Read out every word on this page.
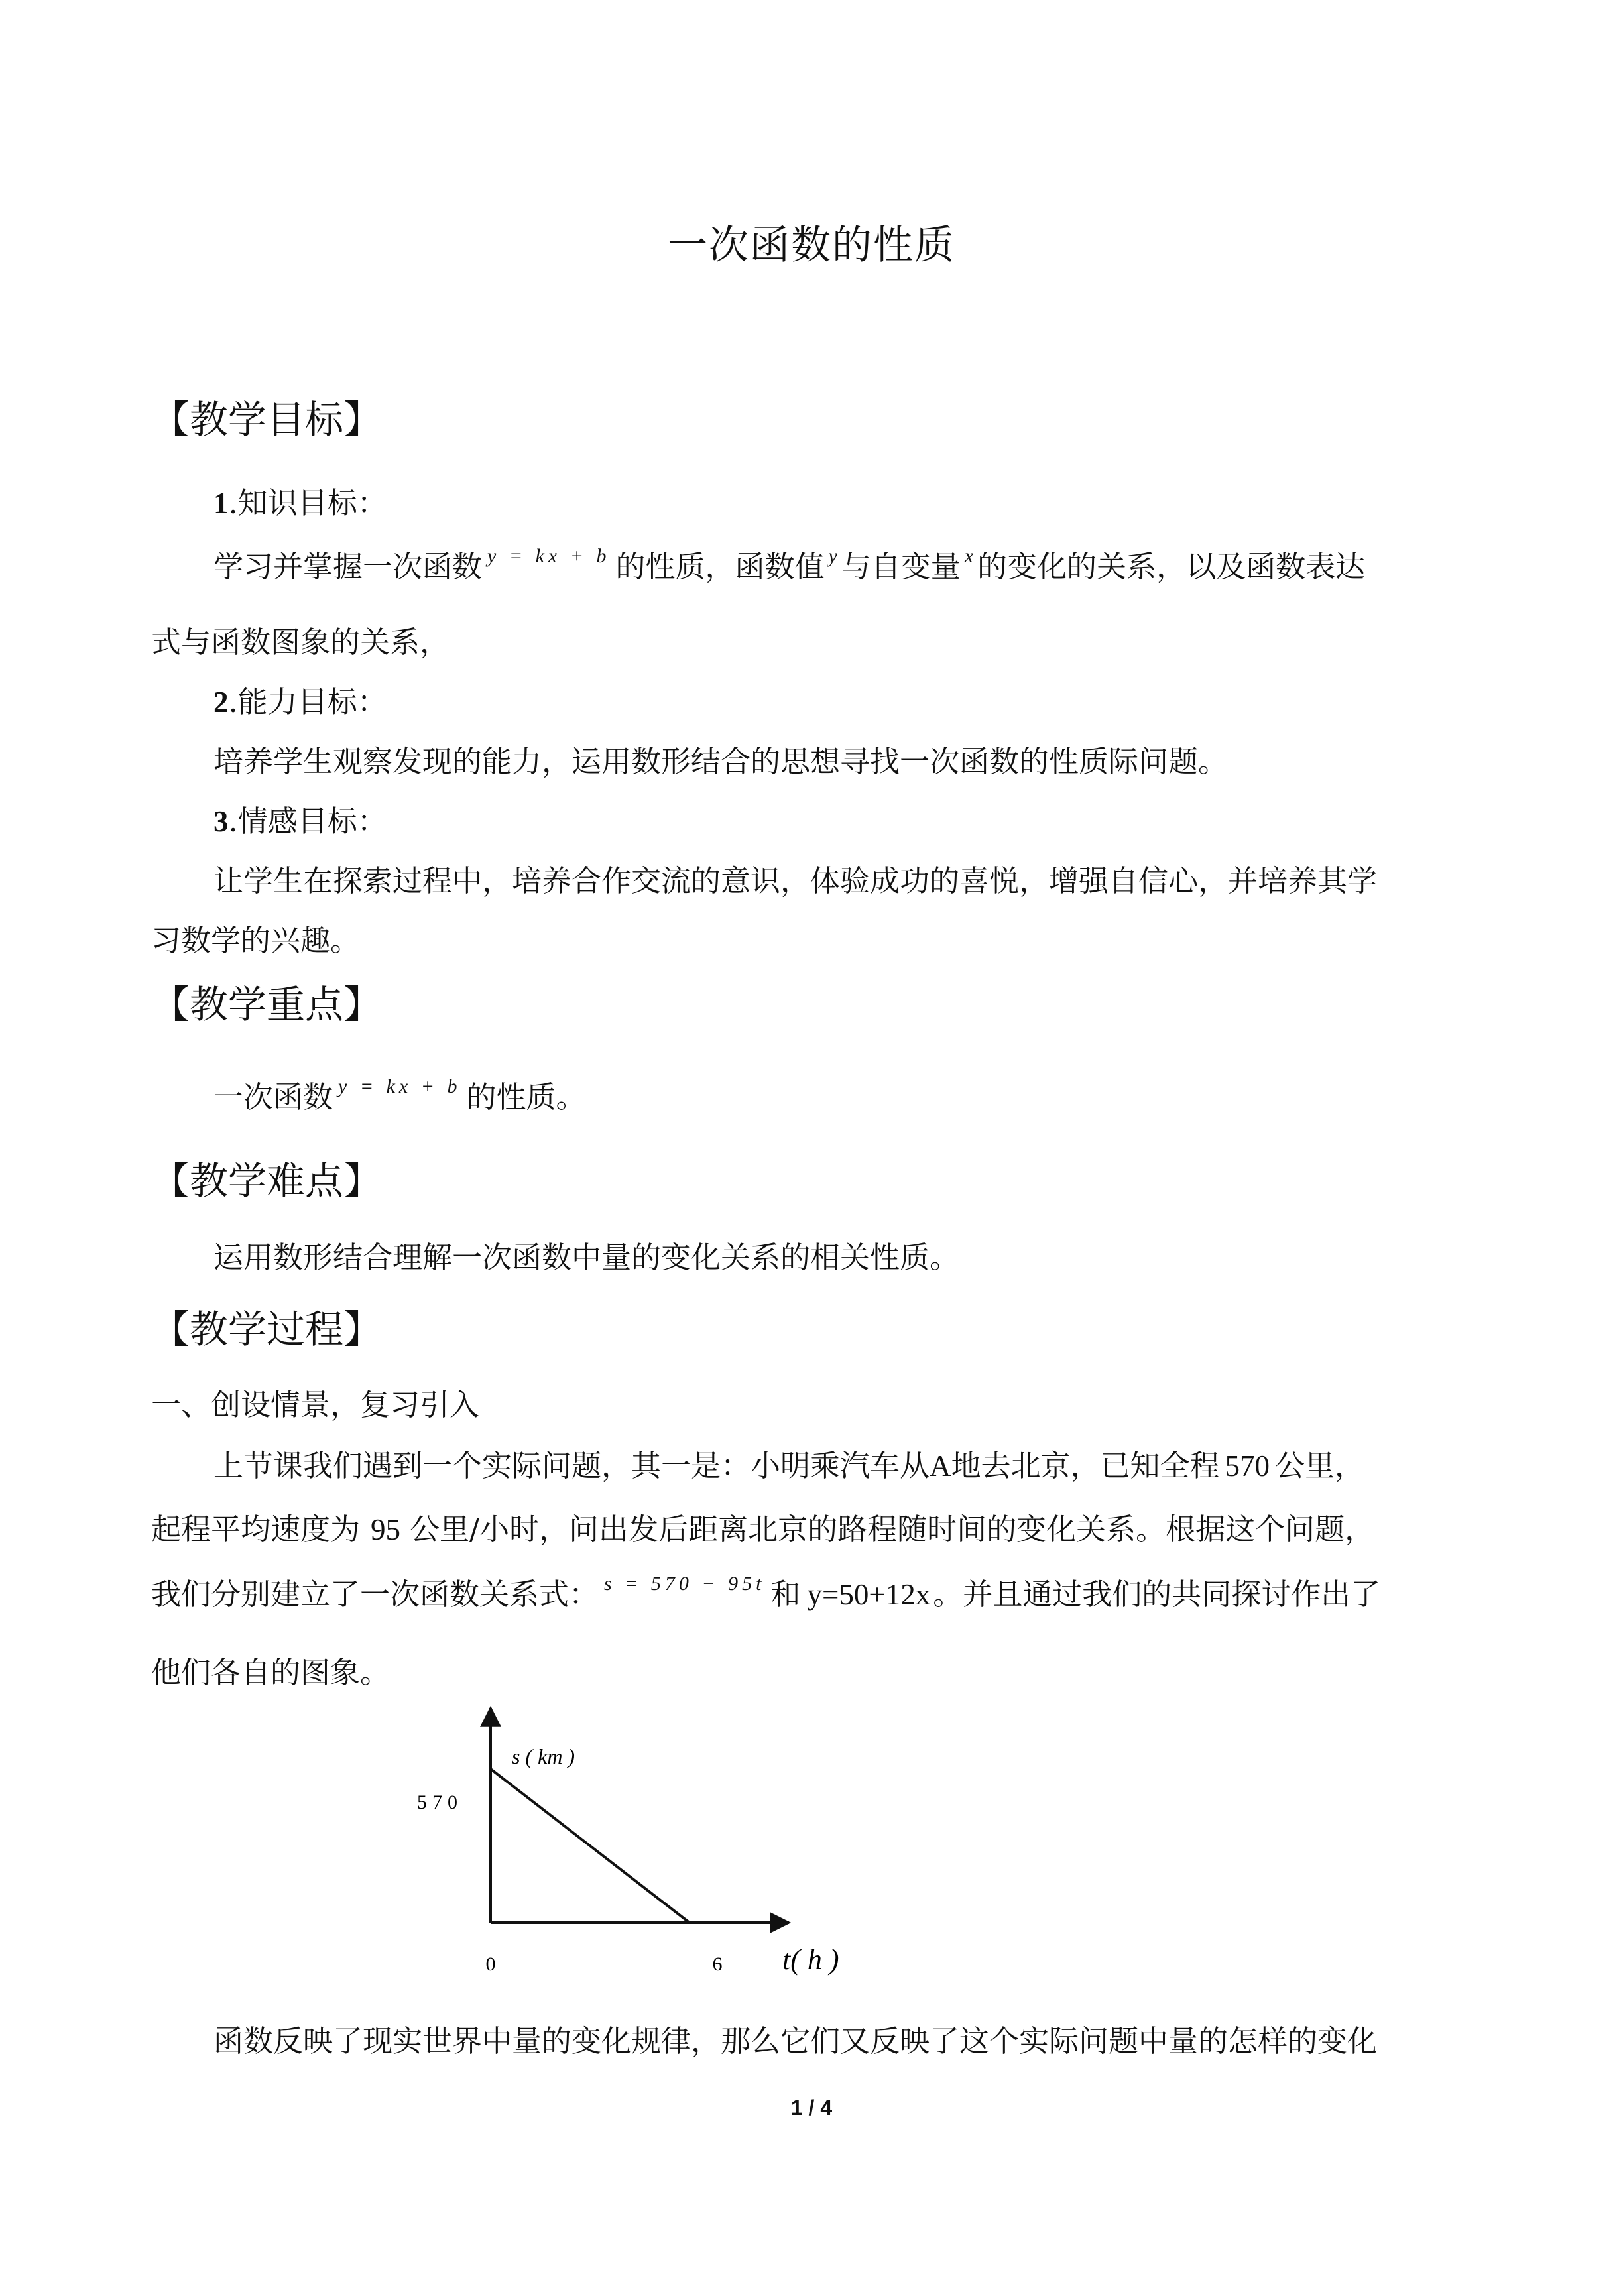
一次函数的性质
【教学目标】
1.知识目标：
学习并掌握一次函数 $^{y = kx + b}$ 的性质，函数值 $^y$ 与自变量 $^x$ 的变化的关系，以及函数表达
式与函数图象的关系，
2.能力目标：
培养学生观察发现的能力，运用数形结合的思想寻找一次函数的性质际问题。
3.情感目标：
让学生在探索过程中，培养合作交流的意识，体验成功的喜悦，增强自信心，并培养其学
习数学的兴趣。
【教学重点】
一次函数 $^{y = kx + b}$ 的性质。
【教学难点】
运用数形结合理解一次函数中量的变化关系的相关性质。
【教学过程】
一、创设情景，复习引入
上节课我们遇到一个实际问题，其一是：小明乘汽车从A地去北京，已知全程 570 公里，
起程平均速度为 95 公里/小时，问出发后距离北京的路程随时间的变化关系。根据这个问题，
我们分别建立了一次函数关系式： $^{s = 570 - 95t}$ 和 y=50+12x。并且通过我们的共同探讨作出了
他们各自的图象。
s ( km )
570
0	6 t( h )
函数反映了现实世界中量的变化规律，那么它们又反映了这个实际问题中量的怎样的变化
1 / 4
